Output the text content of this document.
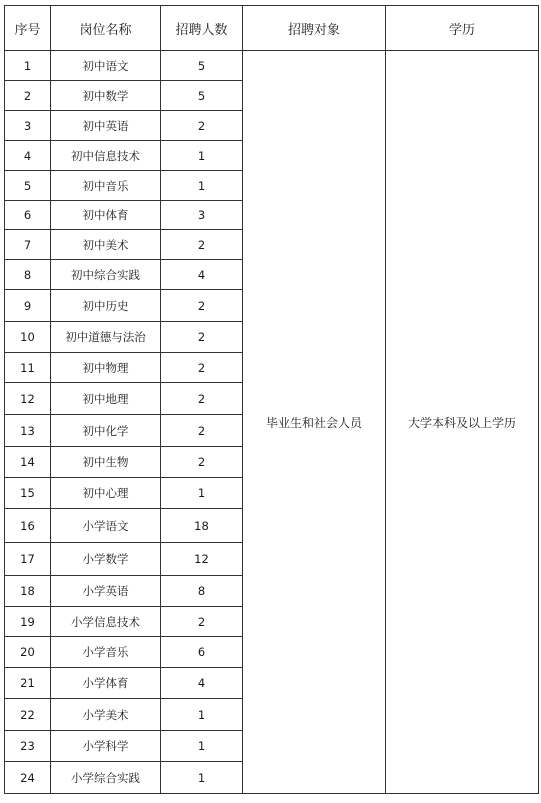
序号	岗位名称	招聘人数	招聘对象	学历
1	初中语文	5	毕业生和社会人员	大学本科及以上学历
2	初中数学	5		
3	初中英语	2		
4	初中信息技术	1		
5	初中音乐	1		
6	初中体育	3		
7	初中美术	2		
8	初中综合实践	4		
9	初中历史	2		
10	初中道德与法治	2		
11	初中物理	2		
12	初中地理	2		
13	初中化学	2		
14	初中生物	2		
15	初中心理	1		
16	小学语文	18		
17	小学数学	12		
18	小学英语	8		
19	小学信息技术	2		
20	小学音乐	6		
21	小学体育	4		
22	小学美术	1		
23	小学科学	1		
24	小学综合实践	1		
